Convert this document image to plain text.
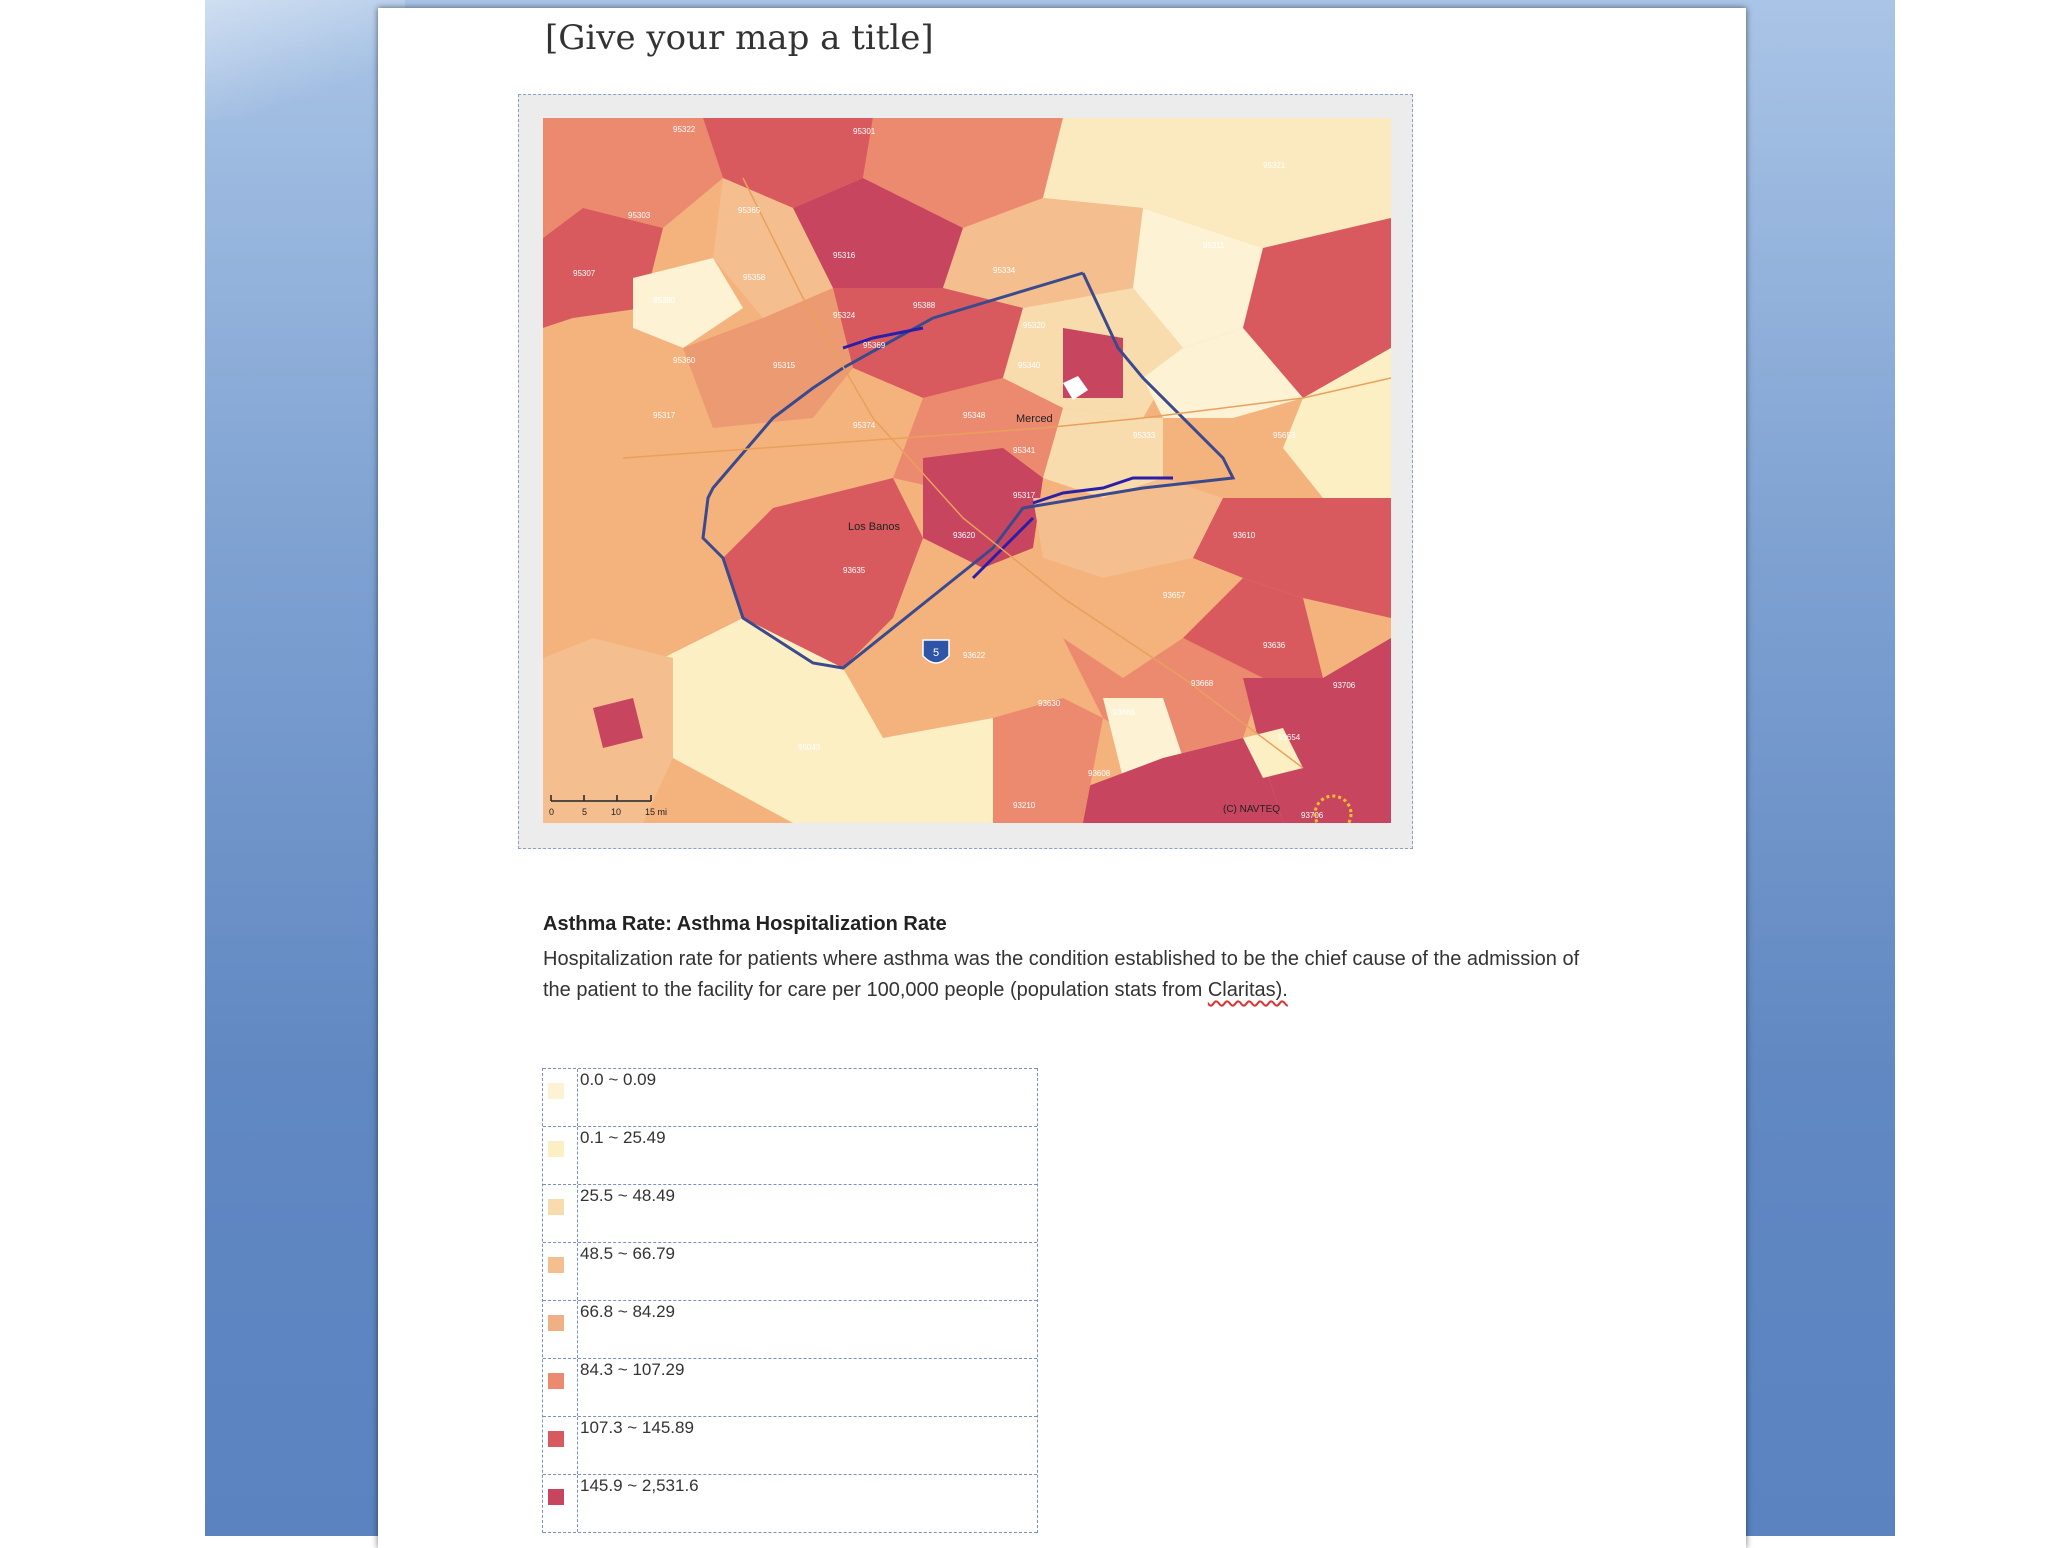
[Give your map a title]
5
Merced
Los Banos
95322	95301
95365
95307	95358
95380
95316
95324
95334
95388
95369
95340
95341
95348
95333
95374
95315
95317
95303
95360
95320
95321
95311
95653
93610
93620
93635
93622
93657
95043
93665
93630
93668
93608
93636
93654
93706
93210
93706
95317
0	5	10	15 mi	(C) NAVTEQ
Asthma Rate: Asthma Hospitalization Rate
Hospitalization rate for patients where asthma was the condition established to be the chief cause of the admission of the patient to the facility for care per 100,000 people (population stats from Claritas).
0.0 ~ 0.09
0.1 ~ 25.49
25.5 ~ 48.49
48.5 ~ 66.79
66.8 ~ 84.29
84.3 ~ 107.29
107.3 ~ 145.89
145.9 ~ 2,531.6
